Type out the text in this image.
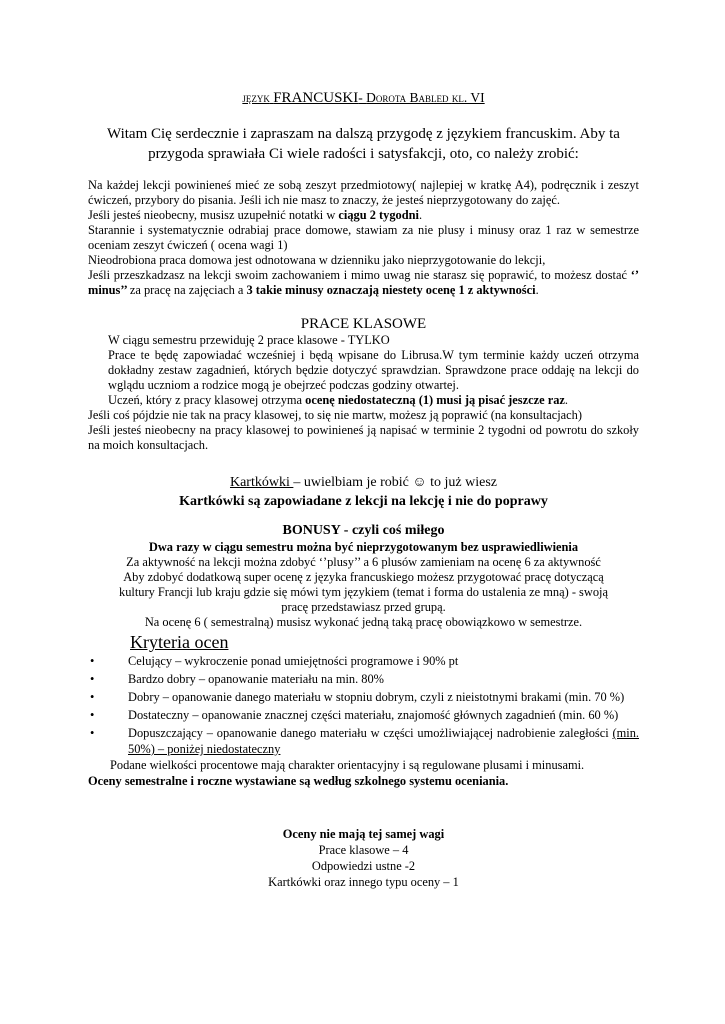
język FRANCUSKI- Dorota Babled kl. VI
Witam Cię serdecznie i zapraszam na dalszą przygodę z językiem francuskim. Aby ta przygoda sprawiała Ci wiele radości i satysfakcji, oto, co należy zrobić:
Na każdej lekcji powinieneś mieć ze sobą zeszyt przedmiotowy( najlepiej w kratkę A4), podręcznik i zeszyt ćwiczeń, przybory do pisania. Jeśli ich nie masz to znaczy, że jesteś nieprzygotowany do zajęć.
Jeśli jesteś nieobecny, musisz uzupełnić notatki w ciągu 2 tygodni.
Starannie i systematycznie odrabiaj prace domowe, stawiam za nie plusy i minusy oraz 1 raz w semestrze oceniam zeszyt ćwiczeń ( ocena wagi 1)
Nieodrobiona praca domowa jest odnotowana w dzienniku jako nieprzygotowanie do lekcji,
Jeśli przeszkadzasz na lekcji swoim zachowaniem i mimo uwag nie starasz się poprawić, to możesz dostać ‘’ minus’’ za pracę na zajęciach a 3 takie minusy oznaczają niestety ocenę 1 z aktywności.
PRACE KLASOWE
W ciągu semestru przewiduję 2 prace klasowe - TYLKO
Prace te będę zapowiadać wcześniej i będą wpisane do Librusa.W tym terminie każdy uczeń otrzyma dokładny zestaw zagadnień, których będzie dotyczyć sprawdzian. Sprawdzone prace oddaję na lekcji do wglądu uczniom a rodzice mogą je obejrzeć podczas godziny otwartej.
Uczeń, który z pracy klasowej otrzyma ocenę niedostateczną (1) musi ją pisać jeszcze raz.
Jeśli coś pójdzie nie tak na pracy klasowej, to się nie martw, możesz ją poprawić (na konsultacjach)
Jeśli jesteś nieobecny na pracy klasowej to powinieneś ją napisać w terminie 2 tygodni od powrotu do szkoły na moich konsultacjach.
Kartkówki – uwielbiam je robić ☺ to już wiesz
Kartkówki są zapowiadane z lekcji na lekcję i nie do poprawy
BONUSY - czyli coś miłego
Dwa razy w ciągu semestru można być nieprzygotowanym bez usprawiedliwienia
Za aktywność na lekcji można zdobyć ‘’plusy’’ a 6 plusów zamieniam na ocenę 6 za aktywność
Aby zdobyć dodatkową super ocenę z języka francuskiego możesz przygotować pracę dotyczącą kultury Francji lub kraju gdzie się mówi tym językiem (temat i forma do ustalenia ze mną) - swoją pracę przedstawiasz przed grupą.
Na ocenę 6 ( semestralną) musisz wykonać jedną taką pracę obowiązkowo w semestrze.
Kryteria ocen
• Celujący – wykroczenie ponad umiejętności programowe i 90% pt
• Bardzo dobry – opanowanie materiału na min. 80%
• Dobry – opanowanie danego materiału w stopniu dobrym, czyli z nieistotnymi brakami (min. 70 %)
• Dostateczny – opanowanie znacznej części materiału, znajomość głównych zagadnień (min. 60 %)
• Dopuszczający – opanowanie danego materiału w części umożliwiającej nadrobienie zaległości (min. 50%) – poniżej niedostateczny
Podane wielkości procentowe mają charakter orientacyjny i są regulowane plusami i minusami.
Oceny semestralne i roczne wystawiane są według szkolnego systemu oceniania.
Oceny nie mają tej samej wagi
Prace klasowe – 4
Odpowiedzi ustne -2
Kartkówki oraz innego typu oceny – 1
